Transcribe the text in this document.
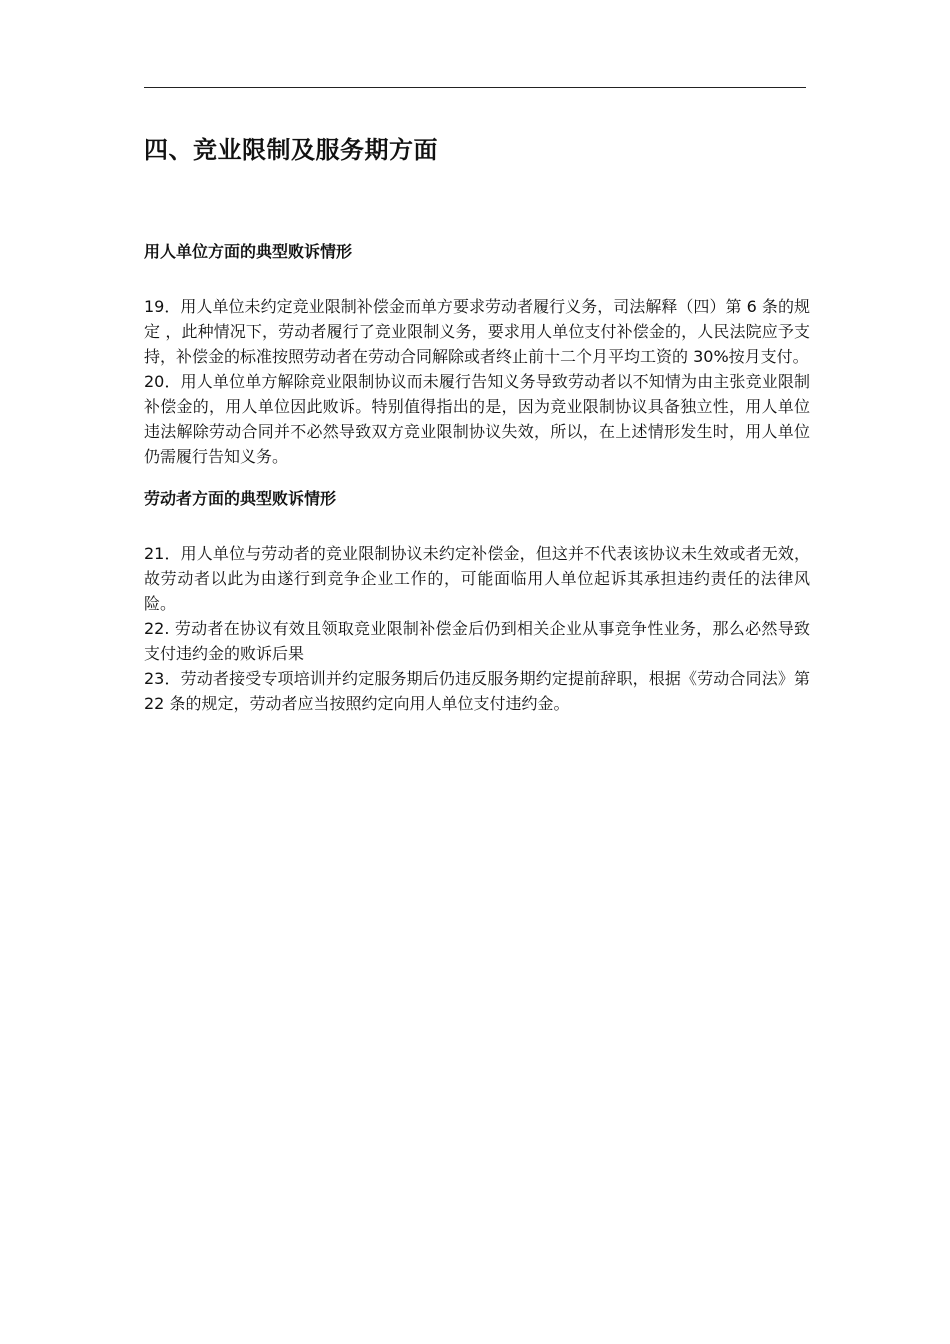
四、竞业限制及服务期方面
用人单位方面的典型败诉情形

19．用人单位未约定竞业限制补偿金而单方要求劳动者履行义务，司法解释（四）第 6 条的规定 ，此种情况下，劳动者履行了竞业限制义务，要求用人单位支付补偿金的，人民法院应予支持，补偿金的标准按照劳动者在劳动合同解除或者终止前十二个月平均工资的 30%按月支付。

20．用人单位单方解除竞业限制协议而未履行告知义务导致劳动者以不知情为由主张竞业限制补偿金的，用人单位因此败诉。特别值得指出的是，因为竞业限制协议具备独立性，用人单位违法解除劳动合同并不必然导致双方竞业限制协议失效，所以，在上述情形发生时，用人单位仍需履行告知义务。

劳动者方面的典型败诉情形

21．用人单位与劳动者的竞业限制协议未约定补偿金，但这并不代表该协议未生效或者无效，故劳动者以此为由遂行到竞争企业工作的，可能面临用人单位起诉其承担违约责任的法律风险。

22. 劳动者在协议有效且领取竞业限制补偿金后仍到相关企业从事竞争性业务，那么必然导致支付违约金的败诉后果

23．劳动者接受专项培训并约定服务期后仍违反服务期约定提前辞职，根据《劳动合同法》第 22 条的规定，劳动者应当按照约定向用人单位支付违约金。
